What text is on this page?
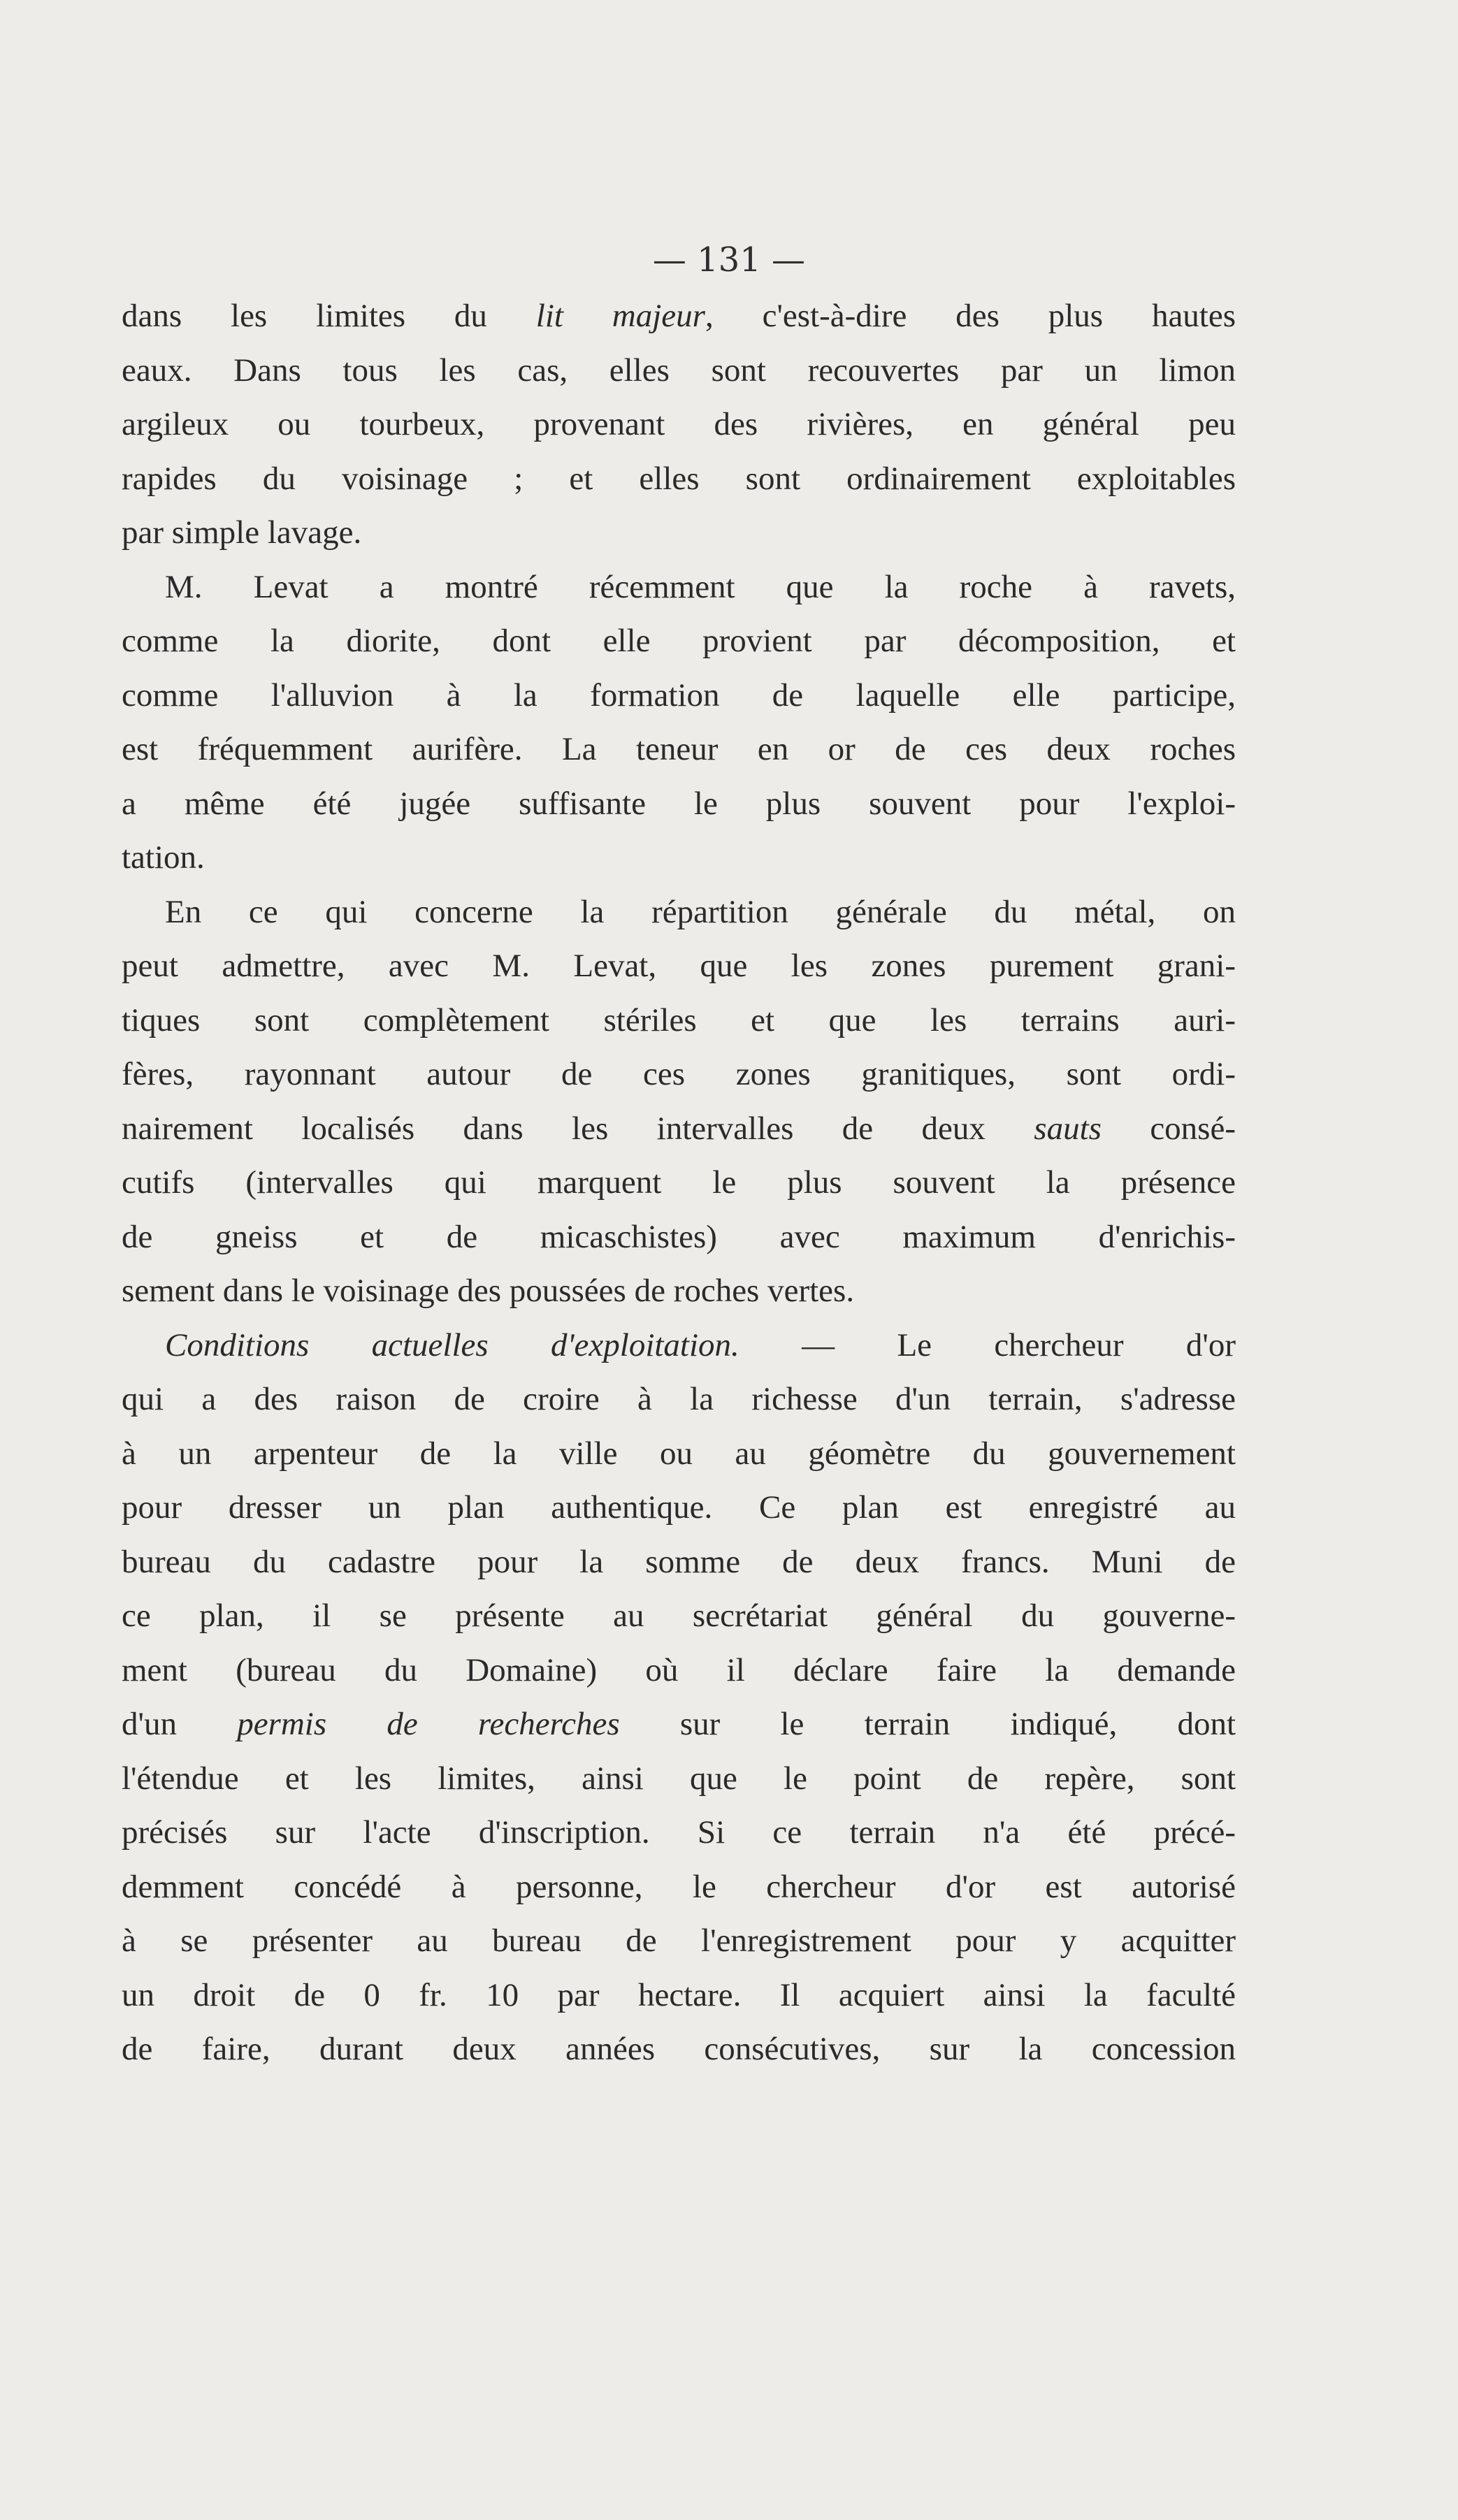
— 131 —
dans les limites du lit majeur, c'est-à-dire des plus hautes
eaux. Dans tous les cas, elles sont recouvertes par un limon
argileux ou tourbeux, provenant des rivières, en général peu
rapides du voisinage ; et elles sont ordinairement exploitables
par simple lavage.
M. Levat a montré récemment que la roche à ravets,
comme la diorite, dont elle provient par décomposition, et
comme l'alluvion à la formation de laquelle elle participe,
est fréquemment aurifère. La teneur en or de ces deux roches
a même été jugée suffisante le plus souvent pour l'exploi-
tation.
En ce qui concerne la répartition générale du métal, on
peut admettre, avec M. Levat, que les zones purement grani-
tiques sont complètement stériles et que les terrains auri-
fères, rayonnant autour de ces zones granitiques, sont ordi-
nairement localisés dans les intervalles de deux sauts consé-
cutifs (intervalles qui marquent le plus souvent la présence
de gneiss et de micaschistes) avec maximum d'enrichis-
sement dans le voisinage des poussées de roches vertes.
Conditions actuelles d'exploitation. — Le chercheur d'or
qui a des raison de croire à la richesse d'un terrain, s'adresse
à un arpenteur de la ville ou au géomètre du gouvernement
pour dresser un plan authentique. Ce plan est enregistré au
bureau du cadastre pour la somme de deux francs. Muni de
ce plan, il se présente au secrétariat général du gouverne-
ment (bureau du Domaine) où il déclare faire la demande
d'un permis de recherches sur le terrain indiqué, dont
l'étendue et les limites, ainsi que le point de repère, sont
précisés sur l'acte d'inscription. Si ce terrain n'a été précé-
demment concédé à personne, le chercheur d'or est autorisé
à se présenter au bureau de l'enregistrement pour y acquitter
un droit de 0 fr. 10 par hectare. Il acquiert ainsi la faculté
de faire, durant deux années consécutives, sur la concession
